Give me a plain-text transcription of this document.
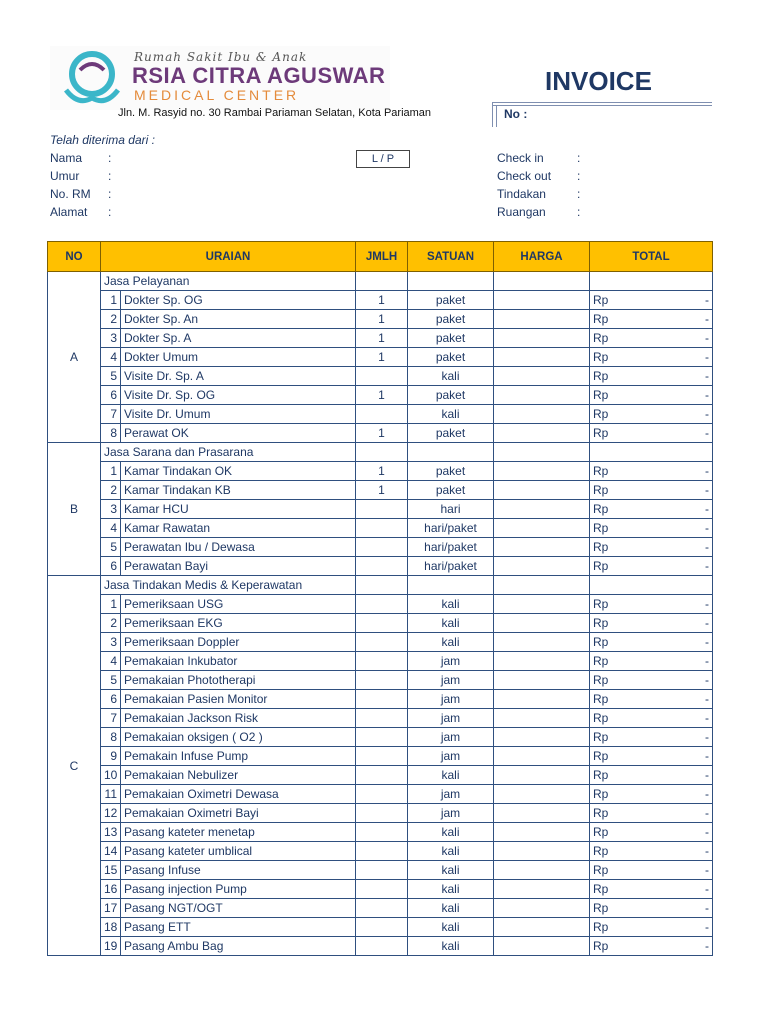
Rumah Sakit Ibu & Anak
RSIA CITRA AGUSWAR
MEDICAL CENTER
Jln. M. Rasyid no. 30 Rambai Pariaman Selatan, Kota Pariaman
INVOICE
No :
Telah diterima dari :
Nama :
Umur :
No. RM :
Alamat :
L / P	Check in	:
Check out :
Tindakan	:
Ruangan	:
NO	URAIAN		JMLH	SATUAN	HARGA	TOTAL	
A	Jasa Pelayanan						
	1	Dokter Sp. OG	1	paket		Rp -	

	2	Dokter Sp. An	1	paket		Rp -	

	3	Dokter Sp. A	1	paket		Rp -	

	4	Dokter Umum	1	paket		Rp -	

	5	Visite Dr. Sp. A		kali		Rp -	

	6	Visite Dr. Sp. OG	1	paket		Rp -	

	7	Visite Dr. Umum		kali		Rp -	

	8	Perawat OK	1	paket		Rp -	

B	Jasa Sarana dan Prasarana						
	1	Kamar Tindakan OK	1	paket		Rp -	

	2	Kamar Tindakan KB	1	paket		Rp -	

	3	Kamar HCU		hari		Rp -	

	4	Kamar Rawatan		hari/paket		Rp -	

	5	Perawatan Ibu / Dewasa		hari/paket		Rp -	

	6	Perawatan Bayi		hari/paket		Rp -	

C	Jasa Tindakan Medis & Keperawatan						
	1	Pemeriksaan USG		kali		Rp -	

	2	Pemeriksaan EKG		kali		Rp -	

	3	Pemeriksaan Doppler		kali		Rp -	

	4	Pemakaian Inkubator		jam		Rp -	

	5	Pemakaian Phototherapi		jam		Rp -	

	6	Pemakaian Pasien Monitor		jam		Rp -	

	7	Pemakaian Jackson Risk		jam		Rp -	

	8	Pemakaian oksigen ( O2 )		jam		Rp -	

	9	Pemakain Infuse Pump		jam		Rp -	

	10	Pemakaian Nebulizer		kali		Rp -	

	11	Pemakaian Oximetri Dewasa		jam		Rp -	

	12	Pemakaian Oximetri Bayi		jam		Rp -	

	13	Pasang kateter menetap		kali		Rp -	

	14	Pasang kateter umblical		kali		Rp -	

	15	Pasang Infuse		kali		Rp -	

	16	Pasang injection Pump		kali		Rp -	

	17	Pasang NGT/OGT		kali		Rp -	

	18	Pasang ETT		kali		Rp -	

	19	Pasang Ambu Bag		kali		Rp -	
